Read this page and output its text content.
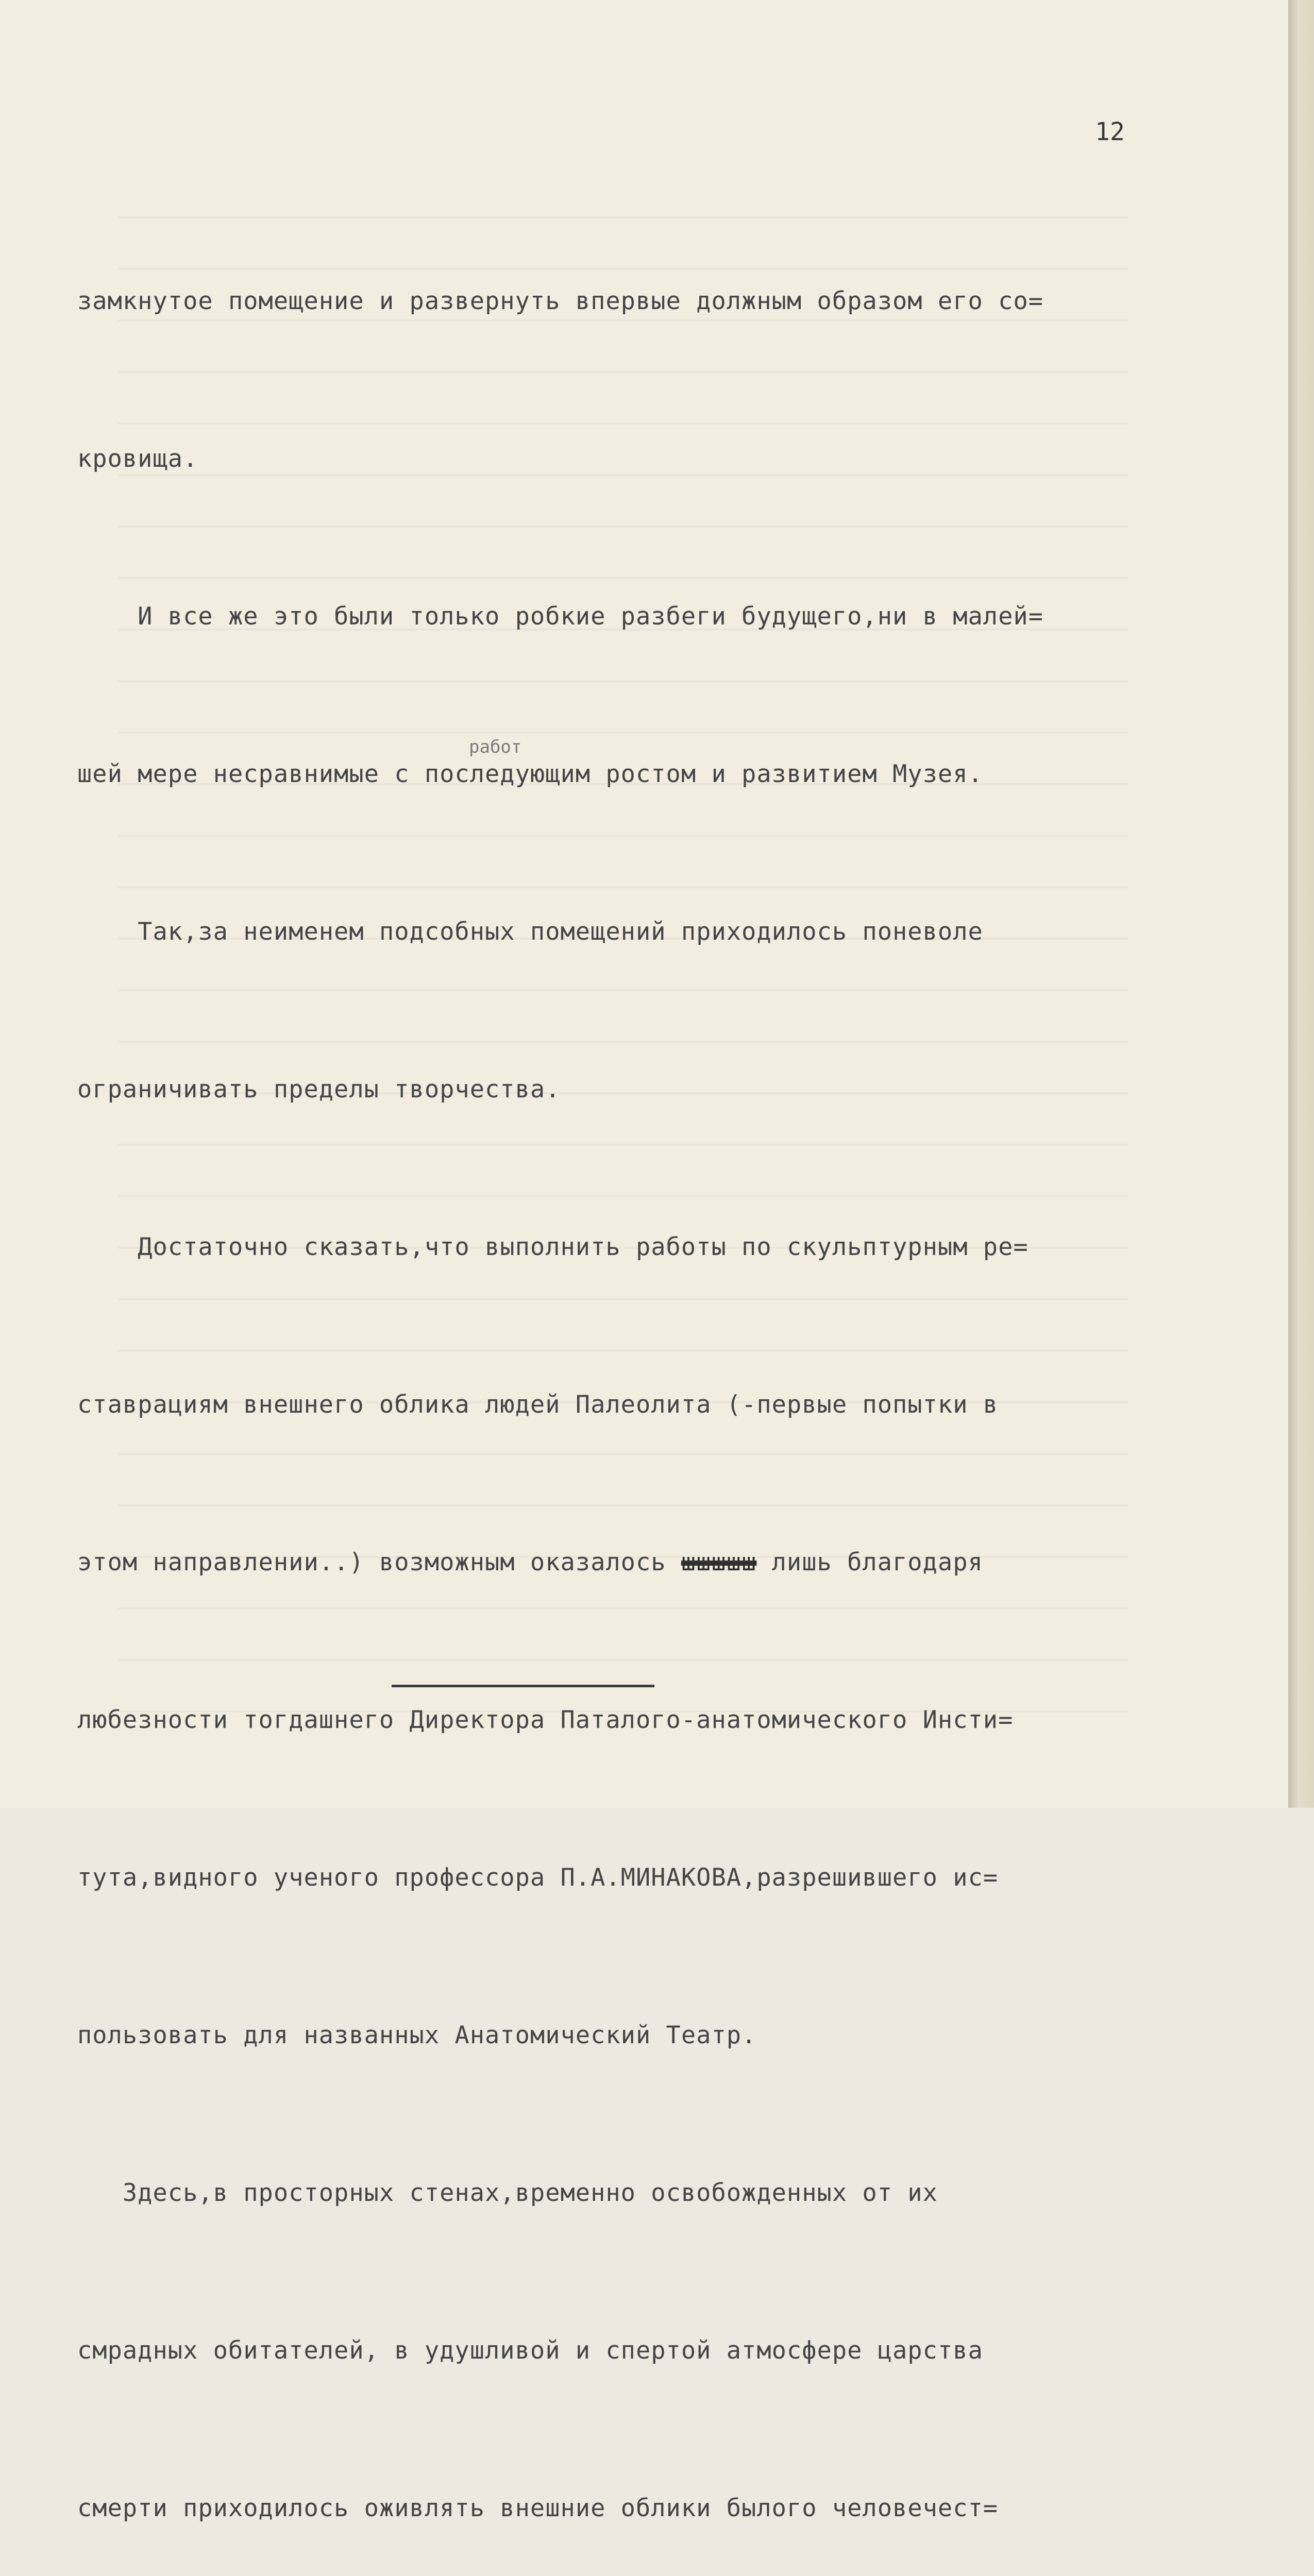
12
работ

замкнутое помещение и развернуть впервые должным образом его со=

кровища.

И все же это были только робкие разбеги будущего,ни в малей=

шей мере несравнимые с последующим ростом и развитием Музея.

Так,за неименем подсобных помещений приходилось поневоле

ограничивать пределы творчества.

Достаточно сказать,что выполнить работы по скульптурным ре=

ставрациям внешнего облика людей Палеолита (-первые попытки в

этом направлении..) возможным оказалось шшшшш лишь благодаря

любезности тогдашнего Директора Паталого-анатомического Инсти=

тута,видного ученого профессора П.А.МИНАКОВА,разрешившего ис=

пользовать для названных Анатомический Театр.

Здесь,в просторных стенах,временно освобожденных от их

смрадных обитателей, в удушливой и спертой атмосфере царства

смерти приходилось оживлять внешние облики былого человечест=
